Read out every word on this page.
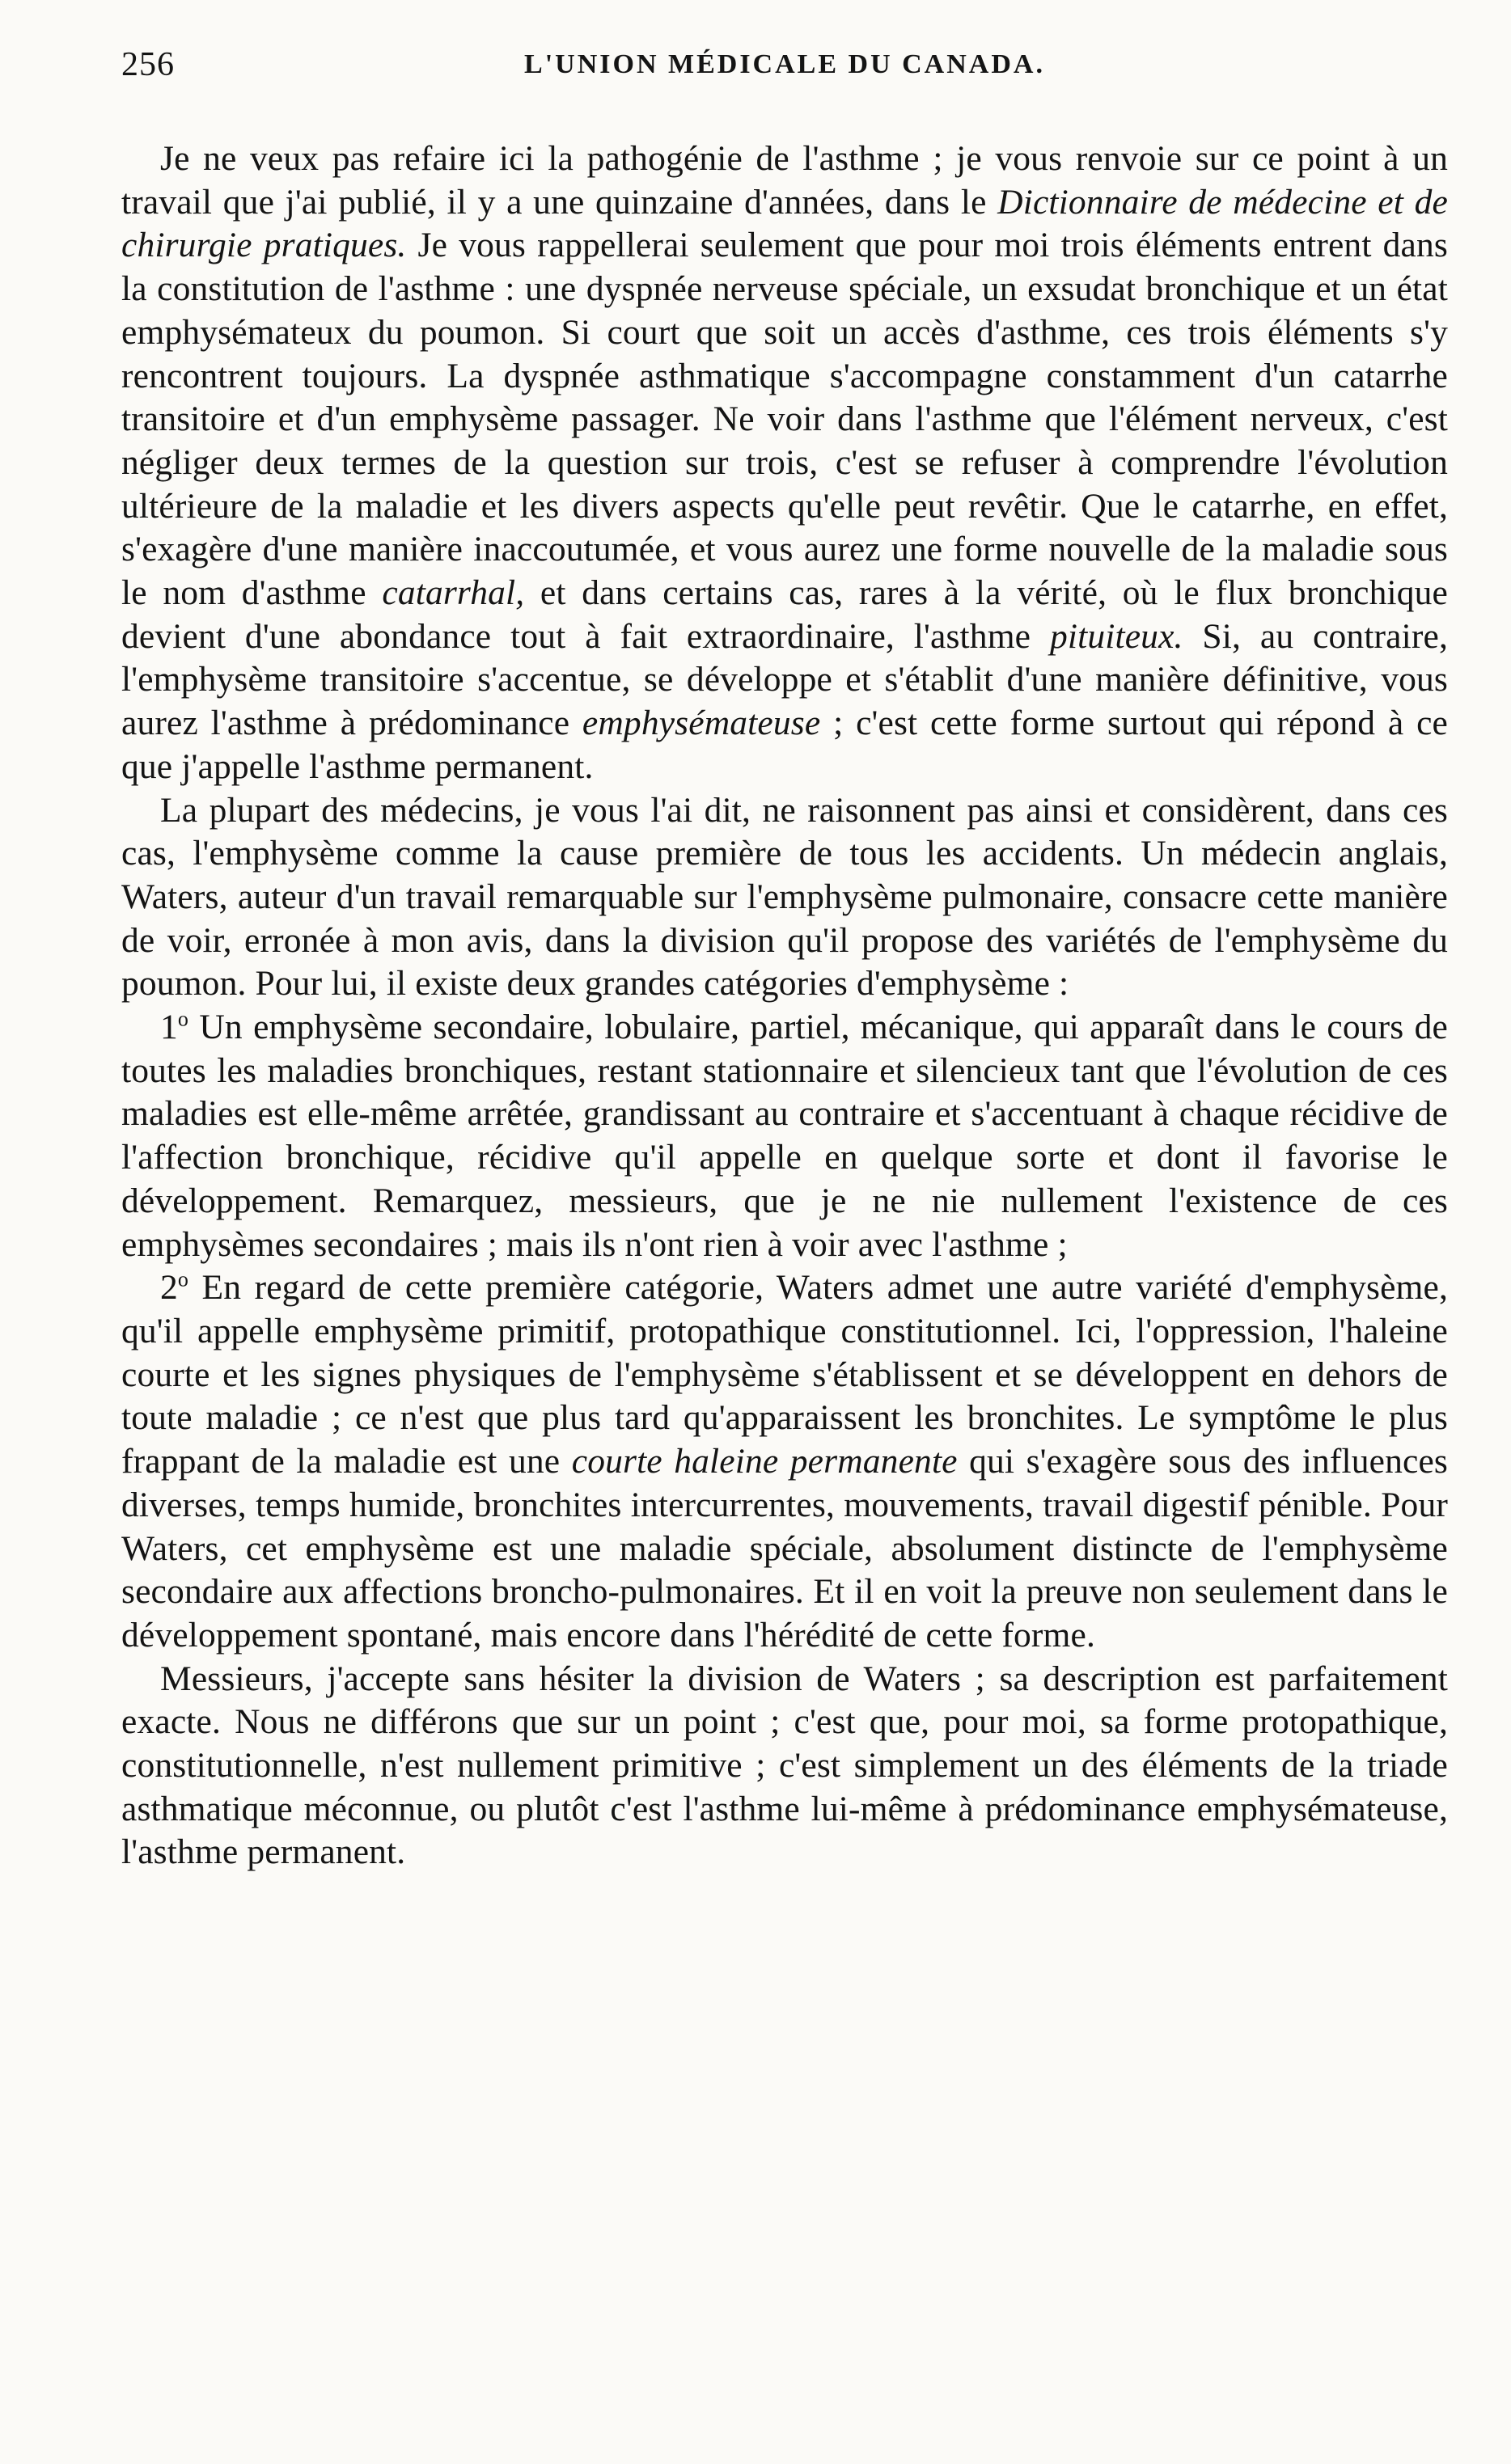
256	L'UNION MÉDICALE DU CANADA.

Je ne veux pas refaire ici la pathogénie de l'asthme ; je vous renvoie sur ce point à un travail que j'ai publié, il y a une quinzaine d'années, dans le Dictionnaire de médecine et de chirurgie pratiques. Je vous rappellerai seulement que pour moi trois éléments entrent dans la constitution de l'asthme : une dyspnée nerveuse spéciale, un exsudat bronchique et un état emphysémateux du poumon. Si court que soit un accès d'asthme, ces trois éléments s'y rencontrent toujours. La dyspnée asthmatique s'accompagne constamment d'un catarrhe transitoire et d'un emphysème passager. Ne voir dans l'asthme que l'élément nerveux, c'est négliger deux termes de la question sur trois, c'est se refuser à comprendre l'évolution ultérieure de la maladie et les divers aspects qu'elle peut revêtir. Que le catarrhe, en effet, s'exagère d'une manière inaccoutumée, et vous aurez une forme nouvelle de la maladie sous le nom d'asthme catarrhal, et dans certains cas, rares à la vérité, où le flux bronchique devient d'une abondance tout à fait extraordinaire, l'asthme pituiteux. Si, au contraire, l'emphysème transitoire s'accentue, se développe et s'établit d'une manière définitive, vous aurez l'asthme à prédominance emphysémateuse ; c'est cette forme surtout qui répond à ce que j'appelle l'asthme permanent.

La plupart des médecins, je vous l'ai dit, ne raisonnent pas ainsi et considèrent, dans ces cas, l'emphysème comme la cause première de tous les accidents. Un médecin anglais, Waters, auteur d'un travail remarquable sur l'emphysème pulmonaire, consacre cette manière de voir, erronée à mon avis, dans la division qu'il propose des variétés de l'emphysème du poumon. Pour lui, il existe deux grandes catégories d'emphysème :

1$^o$ Un emphysème secondaire, lobulaire, partiel, mécanique, qui apparaît dans le cours de toutes les maladies bronchiques, restant stationnaire et silencieux tant que l'évolution de ces maladies est elle-même arrêtée, grandissant au contraire et s'accentuant à chaque récidive de l'affection bronchique, récidive qu'il appelle en quelque sorte et dont il favorise le développement. Remarquez, messieurs, que je ne nie nullement l'existence de ces emphysèmes secondaires ; mais ils n'ont rien à voir avec l'asthme ;

2$^o$ En regard de cette première catégorie, Waters admet une autre variété d'emphysème, qu'il appelle emphysème primitif, protopathique constitutionnel. Ici, l'oppression, l'haleine courte et les signes physiques de l'emphysème s'établissent et se développent en dehors de toute maladie ; ce n'est que plus tard qu'apparaissent les bronchites. Le symptôme le plus frappant de la maladie est une courte haleine permanente qui s'exagère sous des influences diverses, temps humide, bronchites intercurrentes, mouvements, travail digestif pénible. Pour Waters, cet emphysème est une maladie spéciale, absolument distincte de l'emphysème secondaire aux affections broncho-pulmonaires. Et il en voit la preuve non seulement dans le développement spontané, mais encore dans l'hérédité de cette forme.

Messieurs, j'accepte sans hésiter la division de Waters ; sa description est parfaitement exacte. Nous ne différons que sur un point ; c'est que, pour moi, sa forme protopathique, constitutionnelle, n'est nullement primitive ; c'est simplement un des éléments de la triade asthmatique méconnue, ou plutôt c'est l'asthme lui-même à prédominance emphysémateuse, l'asthme permanent.
